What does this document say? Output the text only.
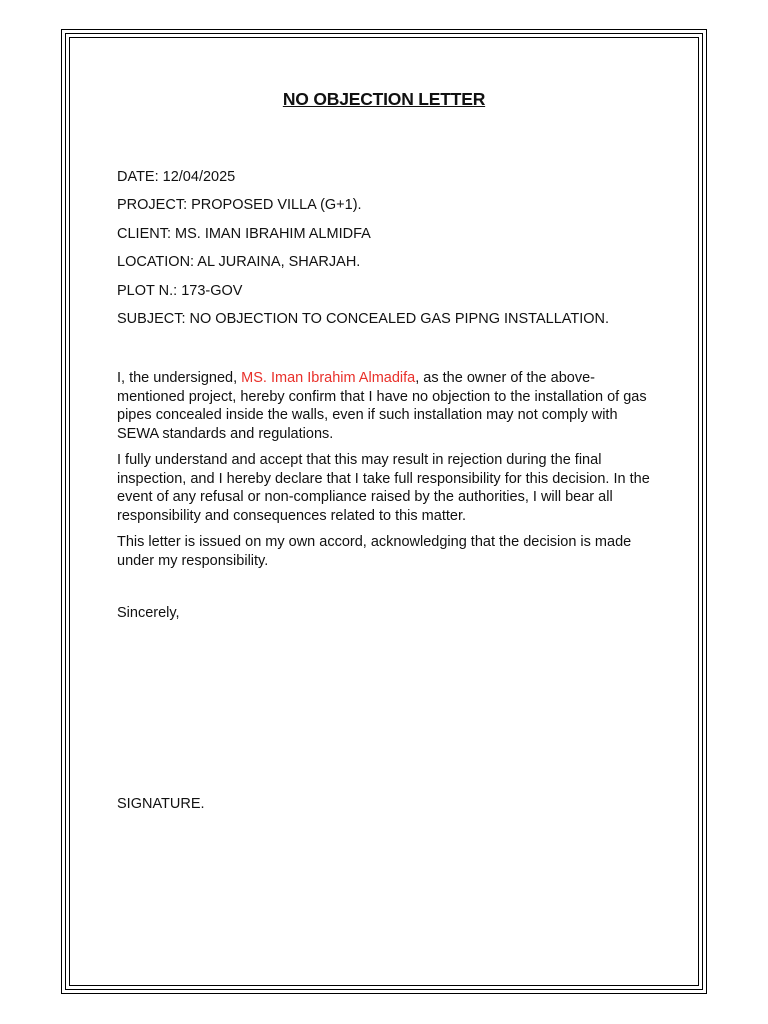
NO OBJECTION LETTER
DATE: 12/04/2025
PROJECT: PROPOSED VILLA (G+1).
CLIENT: MS. IMAN IBRAHIM ALMIDFA
LOCATION: AL JURAINA, SHARJAH.
PLOT N.: 173-GOV
SUBJECT: NO OBJECTION TO CONCEALED GAS PIPNG INSTALLATION.

I, the undersigned, MS. Iman Ibrahim Almadifa, as the owner of the above-mentioned project, hereby confirm that I have no objection to the installation of gas pipes concealed inside the walls, even if such installation may not comply with SEWA standards and regulations.

I fully understand and accept that this may result in rejection during the final inspection, and I hereby declare that I take full responsibility for this decision. In the event of any refusal or non-compliance raised by the authorities, I will bear all responsibility and consequences related to this matter.

This letter is issued on my own accord, acknowledging that the decision is made under my responsibility.

Sincerely,
SIGNATURE.
